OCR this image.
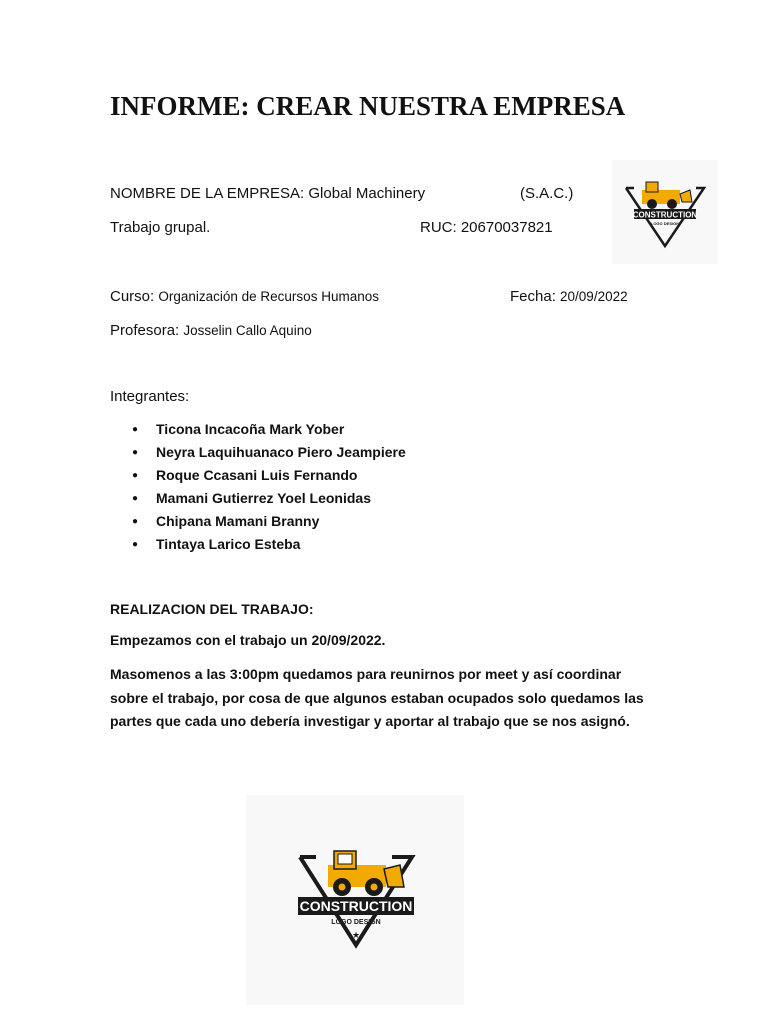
INFORME: CREAR NUESTRA EMPRESA
NOMBRE DE LA EMPRESA: Global Machinery	(S.A.C.)
Trabajo grupal.	RUC: 20670037821
CONSTRUCTION
LOGO DESIGN
Curso: Organización de Recursos Humanos	Fecha: 20/09/2022
Profesora: Josselin Callo Aquino
Integrantes:
● Ticona Incacoña Mark Yober
● Neyra Laquihuanaco Piero Jeampiere
● Roque Ccasani Luis Fernando
● Mamani Gutierrez Yoel Leonidas
● Chipana Mamani Branny
● Tintaya Larico Esteba
REALIZACION DEL TRABAJO:
Empezamos con el trabajo un 20/09/2022.
Masomenos a las 3:00pm quedamos para reunirnos por meet y así coordinar sobre el trabajo, por cosa de que algunos estaban ocupados solo quedamos las partes que cada uno debería investigar y aportar al trabajo que se nos asignó.
CONSTRUCTION
LOGO DESIGN
★
